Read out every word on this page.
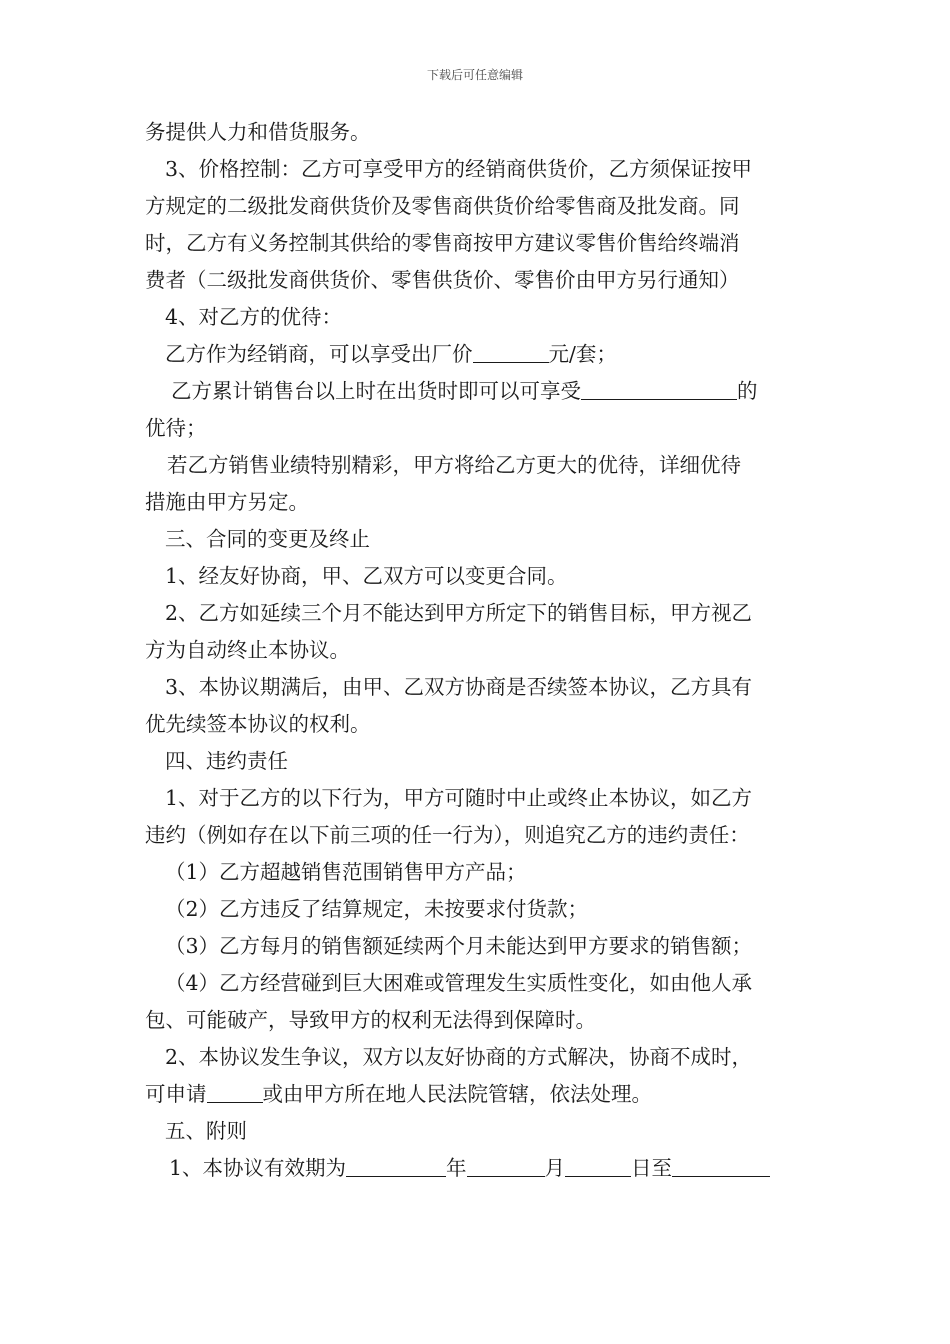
下载后可任意编辑
务提供人力和借货服务。
3、价格控制：乙方可享受甲方的经销商供货价，乙方须保证按甲
方规定的二级批发商供货价及零售商供货价给零售商及批发商。同
时，乙方有义务控制其供给的零售商按甲方建议零售价售给终端消
费者（二级批发商供货价、零售供货价、零售价由甲方另行通知）
4、对乙方的优待：
乙方作为经销商，可以享受出厂价	元/套；
乙方累计销售台以上时在出货时即可以可享受	的
优待；
若乙方销售业绩特别精彩，甲方将给乙方更大的优待，详细优待
措施由甲方另定。
三、合同的变更及终止
1、经友好协商，甲、乙双方可以变更合同。
2、乙方如延续三个月不能达到甲方所定下的销售目标，甲方视乙
方为自动终止本协议。
3、本协议期满后，由甲、乙双方协商是否续签本协议，乙方具有
优先续签本协议的权利。
四、违约责任
1、对于乙方的以下行为，甲方可随时中止或终止本协议，如乙方
违约（例如存在以下前三项的任一行为），则追究乙方的违约责任：
（1）乙方超越销售范围销售甲方产品；
（2）乙方违反了结算规定，未按要求付货款；
（3）乙方每月的销售额延续两个月未能达到甲方要求的销售额；
（4）乙方经营碰到巨大困难或管理发生实质性变化，如由他人承
包、可能破产，导致甲方的权利无法得到保障时。
2、本协议发生争议，双方以友好协商的方式解决，协商不成时，
可申请	或由甲方所在地人民法院管辖，依法处理。
五、附则
1、本协议有效期为	年	月	日至
